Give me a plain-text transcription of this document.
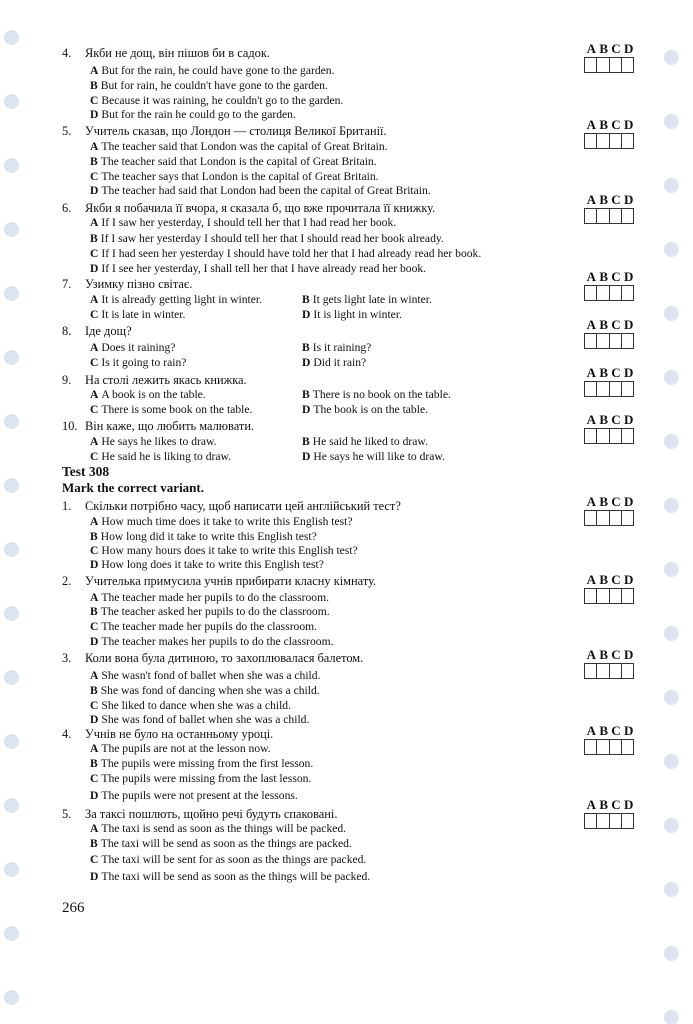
4. Якби не дощ, він пішов би в садок.
A But for the rain, he could have gone to the garden.
B But for rain, he couldn't have gone to the garden.
C Because it was raining, he couldn't go to the garden.
D But for the rain he could go to the garden.
A B C D
5. Учитель сказав, що Лондон — столиця Великої Британії.
A The teacher said that London was the capital of Great Britain.
B The teacher said that London is the capital of Great Britain.
C The teacher says that London is the capital of Great Britain.
D The teacher had said that London had been the capital of Great Britain.
A B C D
6. Якби я побачила її вчора, я сказала б, що вже прочитала її книжку.
A If I saw her yesterday, I should tell her that I had read her book.
B If I saw her yesterday I should tell her that I should read her book already.
C If I had seen her yesterday I should have told her that I had already read her book.
D If I see her yesterday, I shall tell her that I have already read her book.
A B C D
7. Узимку пізно світає.
A It is already getting light in winter.	B It gets light late in winter.
C It is late in winter.	D It is light in winter.
A B C D
8. Іде дощ?
A Does it raining?	B Is it raining?
C Is it going to rain?	D Did it rain?
A B C D
9. На столі лежить якась книжка.
A A book is on the table.	B There is no book on the table.
C There is some book on the table.	D The book is on the table.
A B C D
10. Він каже, що любить малювати.
A He says he likes to draw.	B He said he liked to draw.
C He said he is liking to draw.	D He says he will like to draw.
A B C D
1. Скільки потрібно часу, щоб написати цей англійський тест?
A How much time does it take to write this English test?
B How long did it take to write this English test?
C How many hours does it take to write this English test?
D How long does it take to write this English test?
A B C D
2. Учителька примусила учнів прибирати класну кімнату.
A The teacher made her pupils to do the classroom.
B The teacher asked her pupils to do the classroom.
C The teacher made her pupils do the classroom.
D The teacher makes her pupils to do the classroom.
A B C D
3. Коли вона була дитиною, то захоплювалася балетом.
A She wasn't fond of ballet when she was a child.
B She was fond of dancing when she was a child.
C She liked to dance when she was a child.
D She was fond of ballet when she was a child.
A B C D
4. Учнів не було на останньому уроці.
A The pupils are not at the lesson now.
B The pupils were missing from the first lesson.
C The pupils were missing from the last lesson.
D The pupils were not present at the lessons.
A B C D
5. За таксі пошлють, щойно речі будуть спаковані.
A The taxi is send as soon as the things will be packed.
B The taxi will be send as soon as the things are packed.
C The taxi will be sent for as soon as the things are packed.
D The taxi will be send as soon as the things will be packed.
A B C D
Test 308
Mark the correct variant.
266
